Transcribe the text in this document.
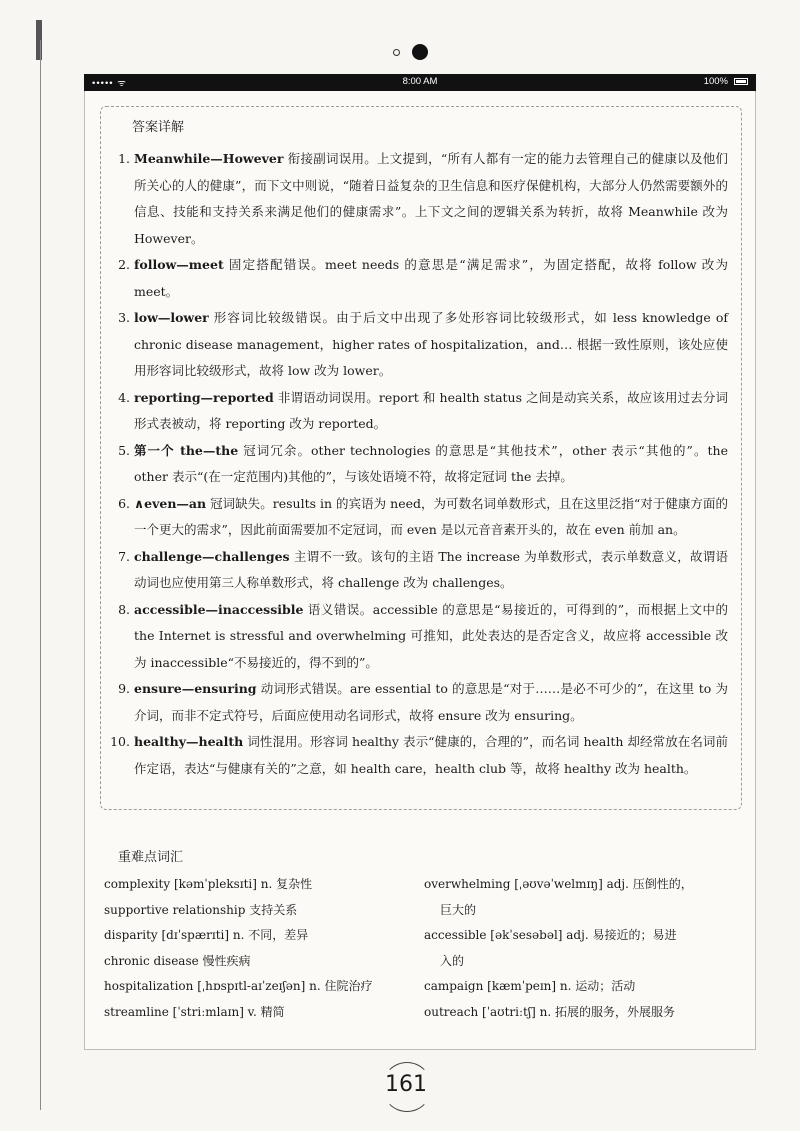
••••• ᯤ	8:00 AM	100%
答案详解
1. Meanwhile—However 衔接副词误用。上文提到，“所有人都有一定的能力去管理自己的健康以及他们所关心的人的健康”，而下文中则说，“随着日益复杂的卫生信息和医疗保健机构，大部分人仍然需要额外的信息、技能和支持关系来满足他们的健康需求”。上下文之间的逻辑关系为转折，故将 Meanwhile 改为 However。
2. follow—meet 固定搭配错误。meet needs 的意思是“满足需求”，为固定搭配，故将 follow 改为 meet。
3. low—lower 形容词比较级错误。由于后文中出现了多处形容词比较级形式，如 less knowledge of chronic disease management，higher rates of hospitalization，and… 根据一致性原则，该处应使用形容词比较级形式，故将 low 改为 lower。
4. reporting—reported 非谓语动词误用。report 和 health status 之间是动宾关系，故应该用过去分词形式表被动，将 reporting 改为 reported。
5. 第一个 the—the 冠词冗余。other technologies 的意思是“其他技术”，other 表示“其他的”。the other 表示“(在一定范围内)其他的”，与该处语境不符，故将定冠词 the 去掉。
6. ∧even—an 冠词缺失。results in 的宾语为 need，为可数名词单数形式，且在这里泛指“对于健康方面的一个更大的需求”，因此前面需要加不定冠词，而 even 是以元音音素开头的，故在 even 前加 an。
7. challenge—challenges 主谓不一致。该句的主语 The increase 为单数形式，表示单数意义，故谓语动词也应使用第三人称单数形式，将 challenge 改为 challenges。
8. accessible—inaccessible 语义错误。accessible 的意思是“易接近的，可得到的”，而根据上文中的 the Internet is stressful and overwhelming 可推知，此处表达的是否定含义，故应将 accessible 改为 inaccessible“不易接近的，得不到的”。
9. ensure—ensuring 动词形式错误。are essential to 的意思是“对于……是必不可少的”，在这里 to 为介词，而非不定式符号，后面应使用动名词形式，故将 ensure 改为 ensuring。
10. healthy—health 词性混用。形容词 healthy 表示“健康的，合理的”，而名词 health 却经常放在名词前作定语，表达“与健康有关的”之意，如 health care，health club 等，故将 healthy 改为 health。
重难点词汇
complexity [kəmˈpleksɪti] n. 复杂性
supportive relationship 支持关系
disparity [dɪˈspærɪti] n. 不同，差异
chronic disease 慢性疾病
hospitalization [ˌhɒspɪtl-aɪˈzeɪʃən] n. 住院治疗
streamline [ˈstriːmlaɪn] v. 精简
overwhelming [ˌəʊvəˈwelmɪŋ] adj. 压倒性的，
巨大的
accessible [əkˈsesəbəl] adj. 易接近的；易进
入的
campaign [kæmˈpeɪn] n. 运动；活动
outreach [ˈaʊtriːtʃ] n. 拓展的服务，外展服务
161
